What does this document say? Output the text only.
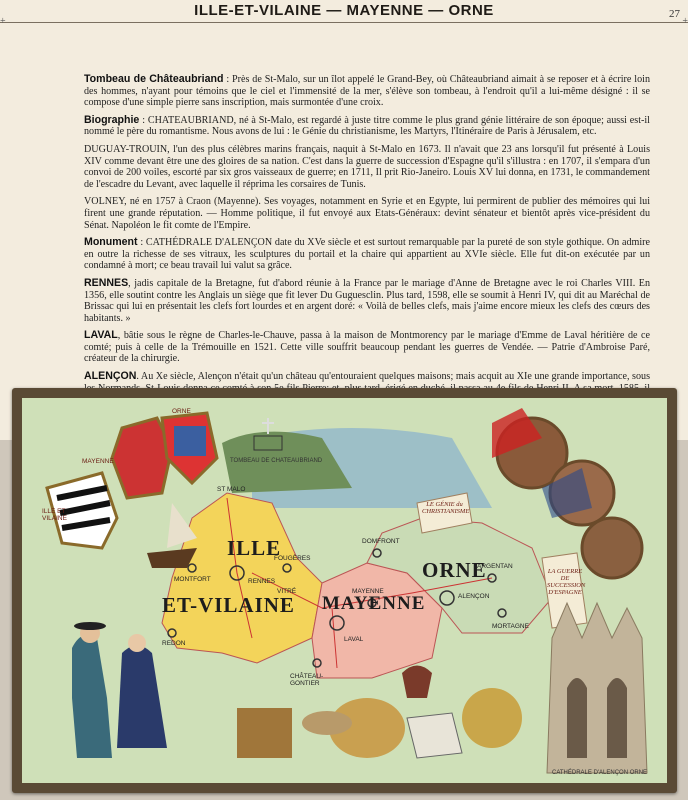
ILLE-ET-VILAINE — MAYENNE — ORNE	27
+	+

Tombeau de Châteaubriand : Près de St-Malo, sur un îlot appelé le Grand-Bey, où Châteaubriand aimait à se reposer et à écrire loin des hommes, n'ayant pour témoins que le ciel et l'immensité de la mer, s'élève son tombeau, à l'endroit qu'il a lui-même désigné : il se compose d'une simple pierre sans inscription, mais surmontée d'une croix.

Biographie : CHATEAUBRIAND, né à St-Malo, est regardé à juste titre comme le plus grand génie littéraire de son époque; aussi est-il nommé le père du romantisme. Nous avons de lui : le Génie du christianisme, les Martyrs, l'Itinéraire de Paris à Jérusalem, etc.

DUGUAY-TROUIN, l'un des plus célèbres marins français, naquit à St-Malo en 1673. Il n'avait que 23 ans lorsqu'il fut présenté à Louis XIV comme devant être une des gloires de sa nation. C'est dans la guerre de succession d'Espagne qu'il s'illustra : en 1707, il s'empara d'un convoi de 200 voiles, escorté par six gros vaisseaux de guerre; en 1711, Il prit Rio-Janeiro. Louis XV lui donna, en 1731, le commandement de l'escadre du Levant, avec laquelle il réprima les corsaires de Tunis.

VOLNEY, né en 1757 à Craon (Mayenne). Ses voyages, notamment en Syrie et en Egypte, lui permirent de publier des mémoires qui lui firent une grande réputation. — Homme politique, il fut envoyé aux Etats-Généraux: devint sénateur et bientôt après vice-président du Sénat. Napoléon le fit comte de l'Empire.

Monument : CATHÉDRALE D'ALENÇON date du XVe siècle et est surtout remarquable par la pureté de son style gothique. On admire en outre la richesse de ses vitraux, les sculptures du portail et la chaire qui appartient au XVIe siècle. Elle fut dit-on exécutée par un condamné à mort; ce beau travail lui valut sa grâce.

RENNES, jadis capitale de la Bretagne, fut d'abord réunie à la France par le mariage d'Anne de Bretagne avec le roi Charles VIII. En 1356, elle soutint contre les Anglais un siège que fit lever Du Guguesclin. Plus tard, 1598, elle se soumit à Henri IV, qui dit au Maréchal de Brissac qui lui en présentait les clefs fort lourdes et en argent doré: « Voilà de belles clefs, mais j'aime encore mieux les clefs des cœurs des habitants. »

LAVAL, bâtie sous le règne de Charles-le-Chauve, passa à la maison de Montmorency par le mariage d'Emme de Laval héritière de ce comté; puis à celle de la Trémouille en 1521. Cette ville souffrit beaucoup pendant les guerres de Vendée. — Patrie d'Ambroise Paré, créateur de la chirurgie.

ALENÇON. Au Xe siècle, Alençon n'était qu'un château qu'entouraient quelques maisons; mais acquit au XIe une grande importance, sous

ILLE
ET-VILAINE MAYENNE
ORNE
ST MALO
MONTFORT
FOUGÈRES
RENNES
VITRÉ
REDON
DOMFRONT
ARGENTAN
MAYENNE
ALENÇON
MORTAGNE
LAVAL
CHÂTEAU-GONTIER
TOMBEAU DE CHATEAUBRIAND
CATHÉDRALE D'ALENÇON ORNE
MAYENNE
ORNE
ILLE ET VILAINE
LE GÉNIE du CHRISTIANISME
LA GUERRE DE SUCCESSION D'ESPAGNE
